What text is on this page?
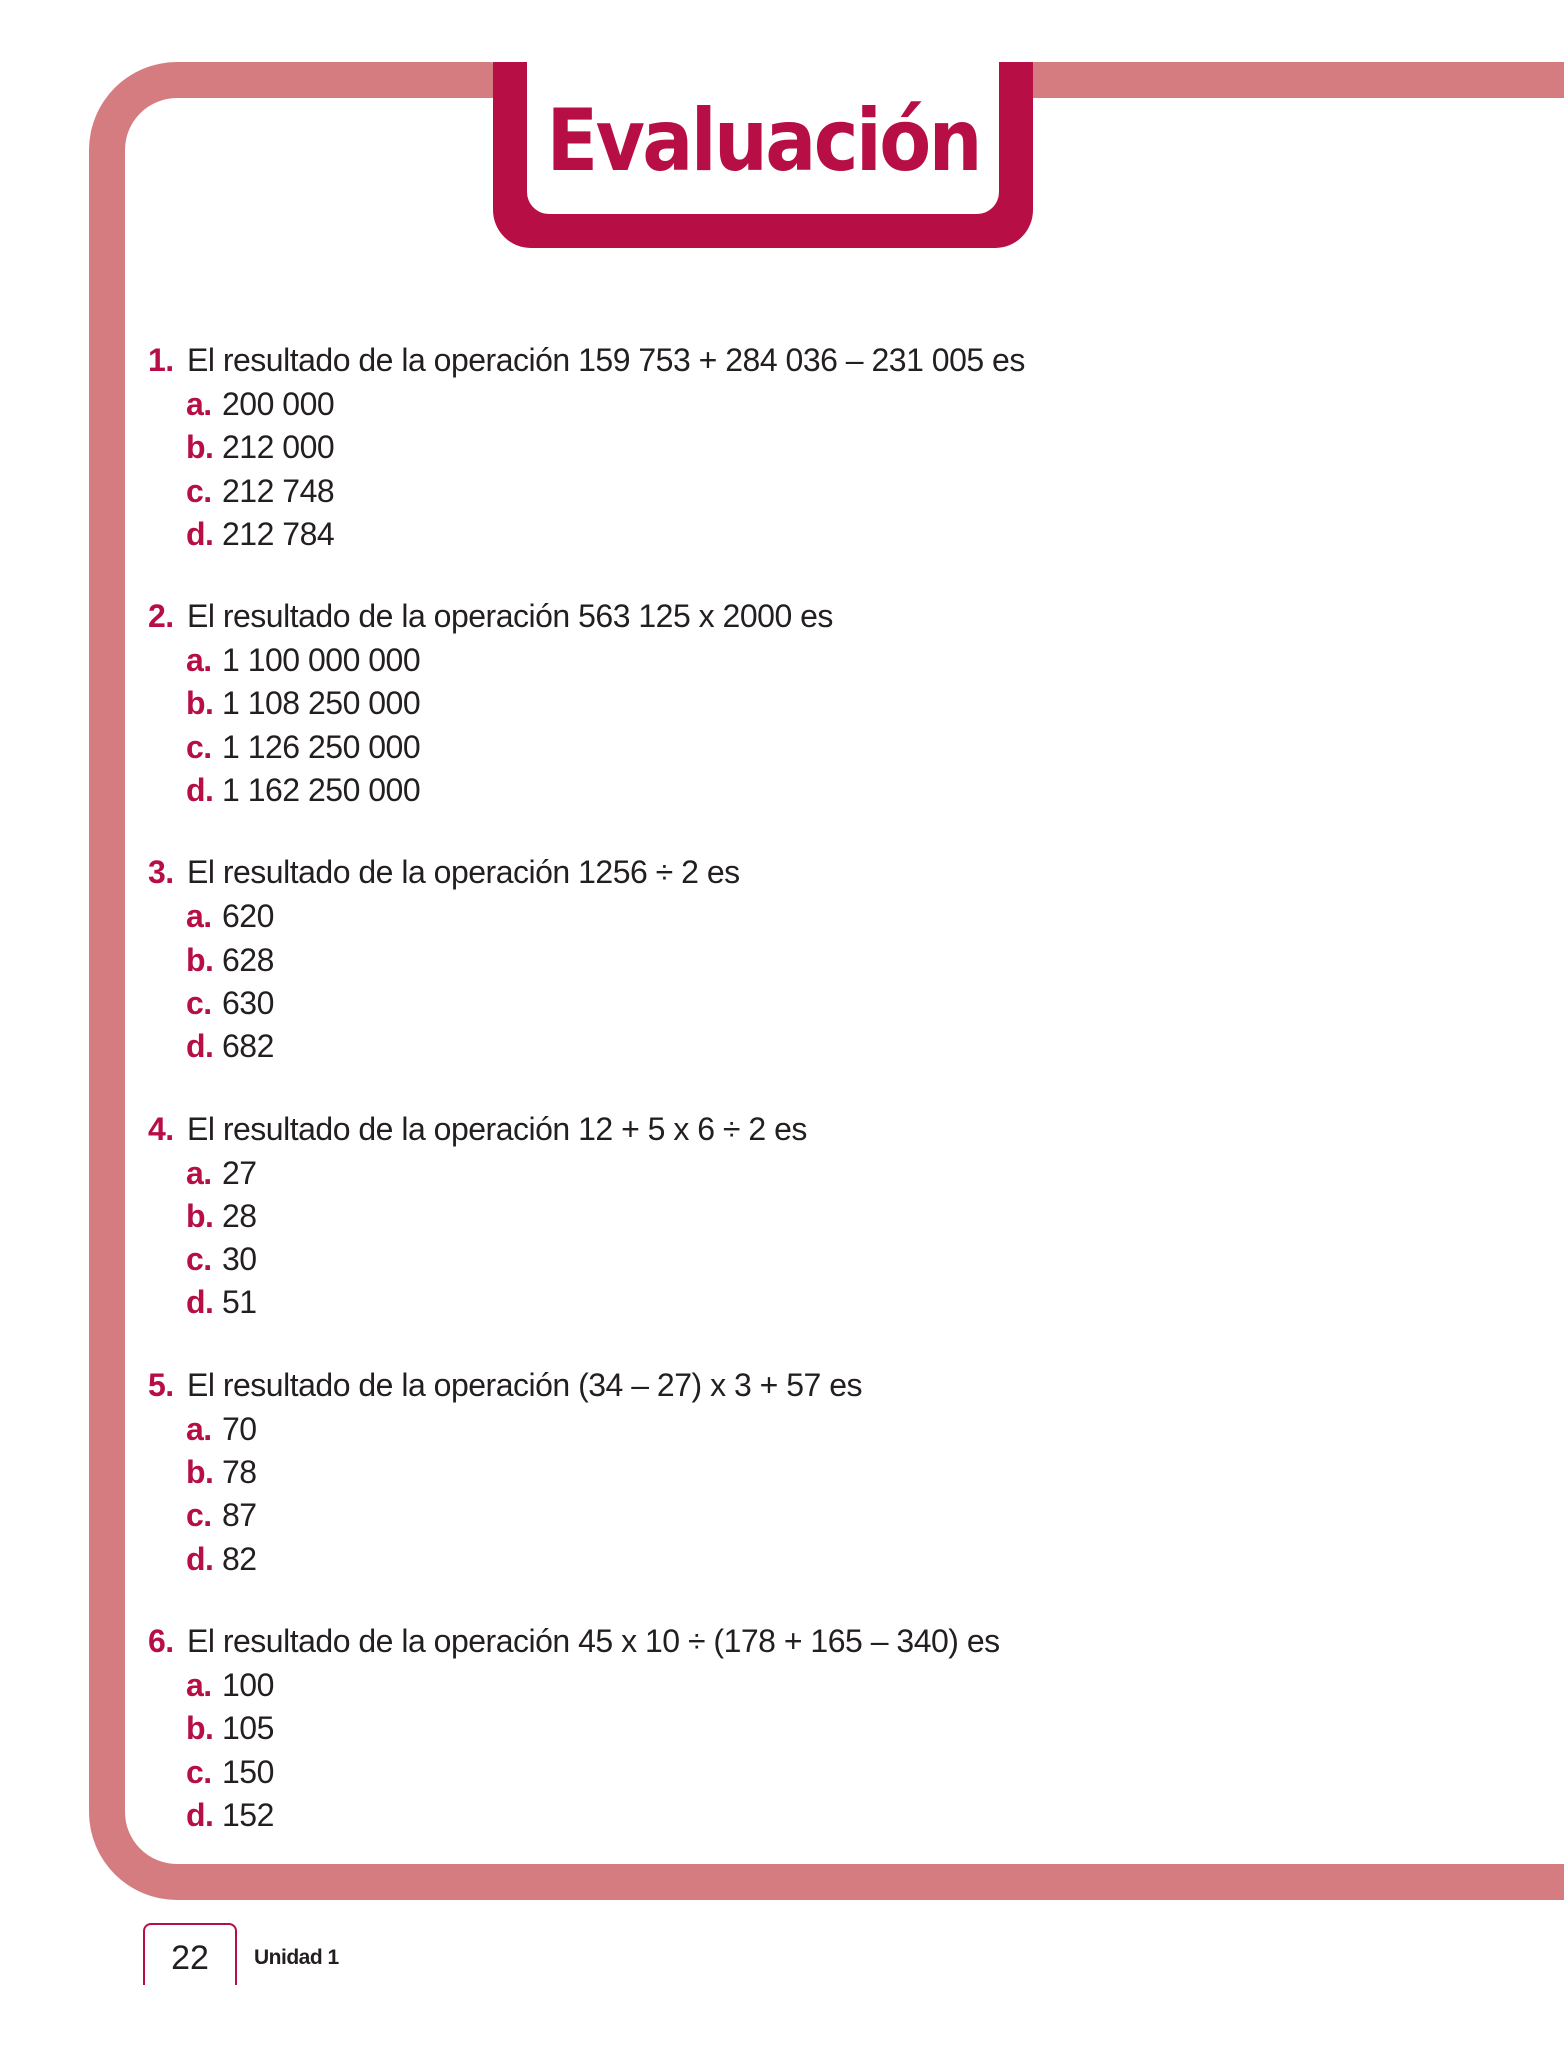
Evaluación
1. El resultado de la operación 159 753 + 284 036 – 231 005 es
a. 200 000
b. 212 000
c. 212 748
d. 212 784
2. El resultado de la operación 563 125 x 2000 es
a. 1 100 000 000
b. 1 108 250 000
c. 1 126 250 000
d. 1 162 250 000
3. El resultado de la operación 1256 ÷ 2 es
a. 620
b. 628
c. 630
d. 682
4. El resultado de la operación 12 + 5 x 6 ÷ 2 es
a. 27
b. 28
c. 30
d. 51
5. El resultado de la operación (34 – 27) x 3 + 57 es
a. 70
b. 78
c. 87
d. 82
6. El resultado de la operación 45 x 10 ÷ (178 + 165 – 340) es
a. 100
b. 105
c. 150
d. 152
22 Unidad 1
